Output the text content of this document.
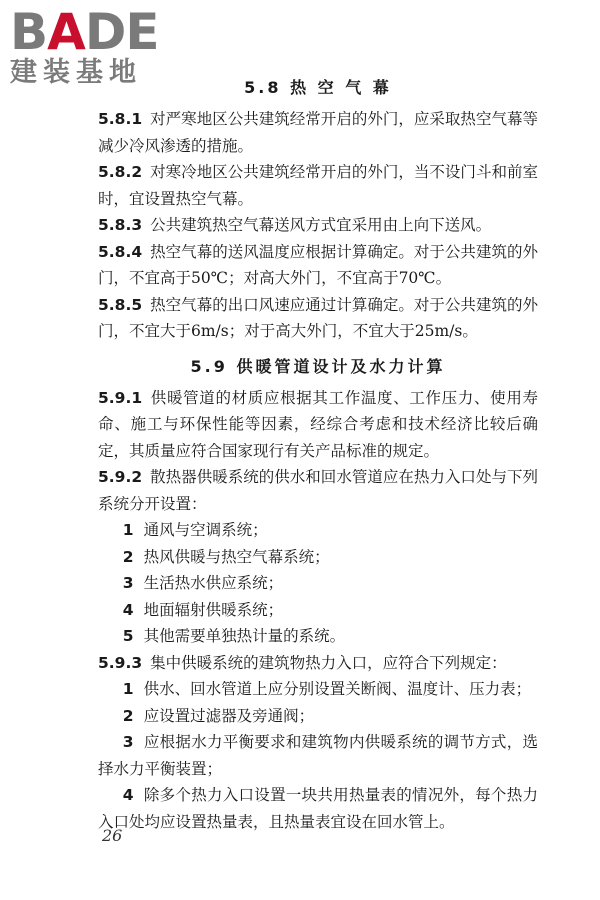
BADE
建装基地	5.8 热 空 气 幕

5.8.1 对严寒地区公共建筑经常开启的外门，应采取热空气幕等减少冷风渗透的措施。

5.8.2 对寒冷地区公共建筑经常开启的外门，当不设门斗和前室时，宜设置热空气幕。

5.8.3 公共建筑热空气幕送风方式宜采用由上向下送风。

5.8.4 热空气幕的送风温度应根据计算确定。对于公共建筑的外门，不宜高于50℃；对高大外门，不宜高于70℃。

5.8.5 热空气幕的出口风速应通过计算确定。对于公共建筑的外门，不宜大于6m/s；对于高大外门，不宜大于25m/s。

5.9 供暖管道设计及水力计算

5.9.1 供暖管道的材质应根据其工作温度、工作压力、使用寿命、施工与环保性能等因素，经综合考虑和技术经济比较后确定，其质量应符合国家现行有关产品标准的规定。

5.9.2 散热器供暖系统的供水和回水管道应在热力入口处与下列系统分开设置：

1 通风与空调系统；

2 热风供暖与热空气幕系统；

3 生活热水供应系统；

4 地面辐射供暖系统；

5 其他需要单独热计量的系统。

5.9.3 集中供暖系统的建筑物热力入口，应符合下列规定：

1 供水、回水管道上应分别设置关断阀、温度计、压力表；

2 应设置过滤器及旁通阀；

3 应根据水力平衡要求和建筑物内供暖系统的调节方式，选择水力平衡装置；

4 除多个热力入口设置一块共用热量表的情况外，每个热力入口处均应设置热量表，且热量表宜设在回水管上。

26
